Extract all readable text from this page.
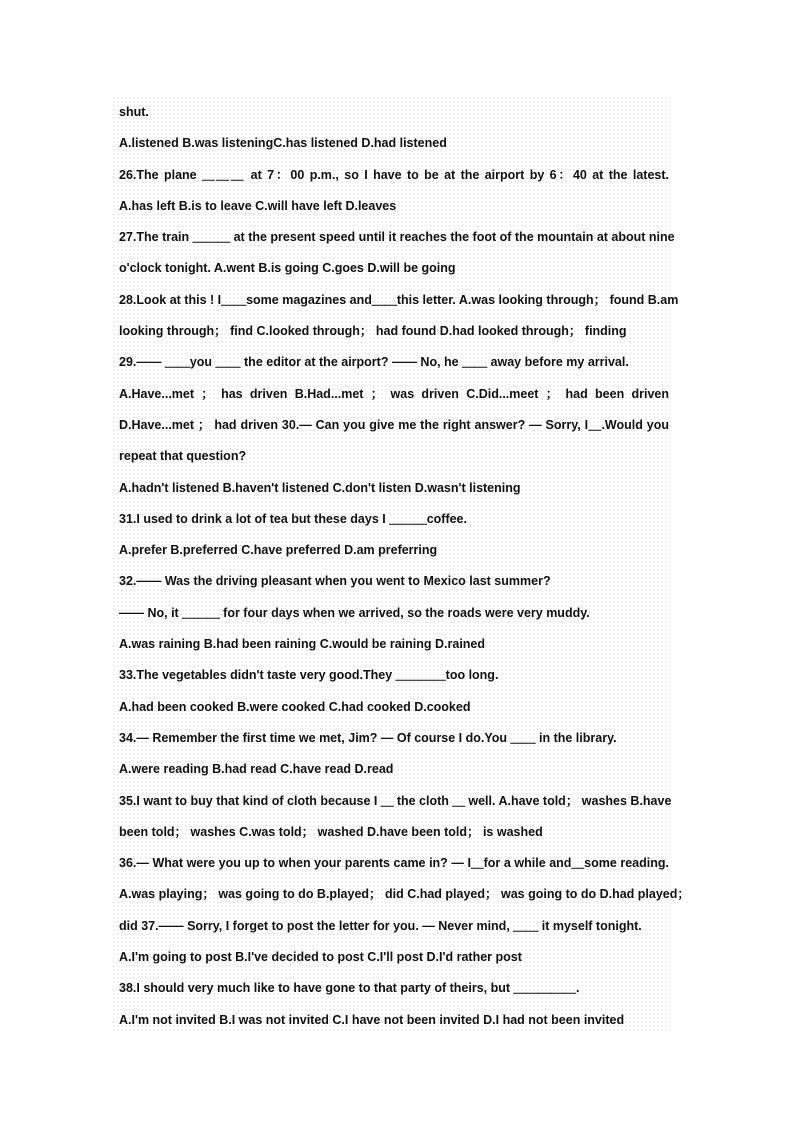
shut.
A.listened B.was listeningC.has listened D.had listened
26.The plane ＿＿＿ at 7：00 p.m., so I have to be at the airport by 6：40 at the latest.
A.has left B.is to leave C.will have left D.leaves
27.The train ＿＿＿ at the present speed until it reaches the foot of the mountain at about nine
o'clock tonight. A.went B.is going C.goes D.will be going
28.Look at this ! I＿＿some magazines and＿＿this letter. A.was looking through； found B.am
looking through； find C.looked through； had found D.had looked through； finding
29.—— ＿＿you ＿＿ the editor at the airport? —— No, he ＿＿ away before my arrival.
A.Have...met ； has driven B.Had...met ； was driven C.Did...meet ； had been driven
D.Have...met ； had driven 30.— Can you give me the right answer? — Sorry, I＿.Would you
repeat that question?
A.hadn't listened B.haven't listened C.don't listen D.wasn't listening
31.I used to drink a lot of tea but these days I ＿＿＿coffee.
A.prefer B.preferred C.have preferred D.am preferring
32.—— Was the driving pleasant when you went to Mexico last summer?
—— No, it ＿＿＿ for four days when we arrived, so the roads were very muddy.
A.was raining B.had been raining C.would be raining D.rained
33.The vegetables didn't taste very good.They ＿＿＿＿too long.
A.had been cooked B.were cooked C.had cooked D.cooked
34.— Remember the first time we met, Jim? — Of course I do.You ＿＿ in the library.
A.were reading B.had read C.have read D.read
35.I want to buy that kind of cloth because I ＿ the cloth ＿ well. A.have told； washes B.have
been told； washes C.was told； washed D.have been told； is washed
36.— What were you up to when your parents came in? — I＿for a while and＿some reading.
A.was playing； was going to do B.played； did C.had played； was going to do D.had played；
did 37.—— Sorry, I forget to post the letter for you. — Never mind, ＿＿ it myself tonight.
A.I'm going to post B.I've decided to post C.I'll post D.I'd rather post
38.I should very much like to have gone to that party of theirs, but ＿＿＿＿＿.
A.I'm not invited B.I was not invited C.I have not been invited D.I had not been invited
